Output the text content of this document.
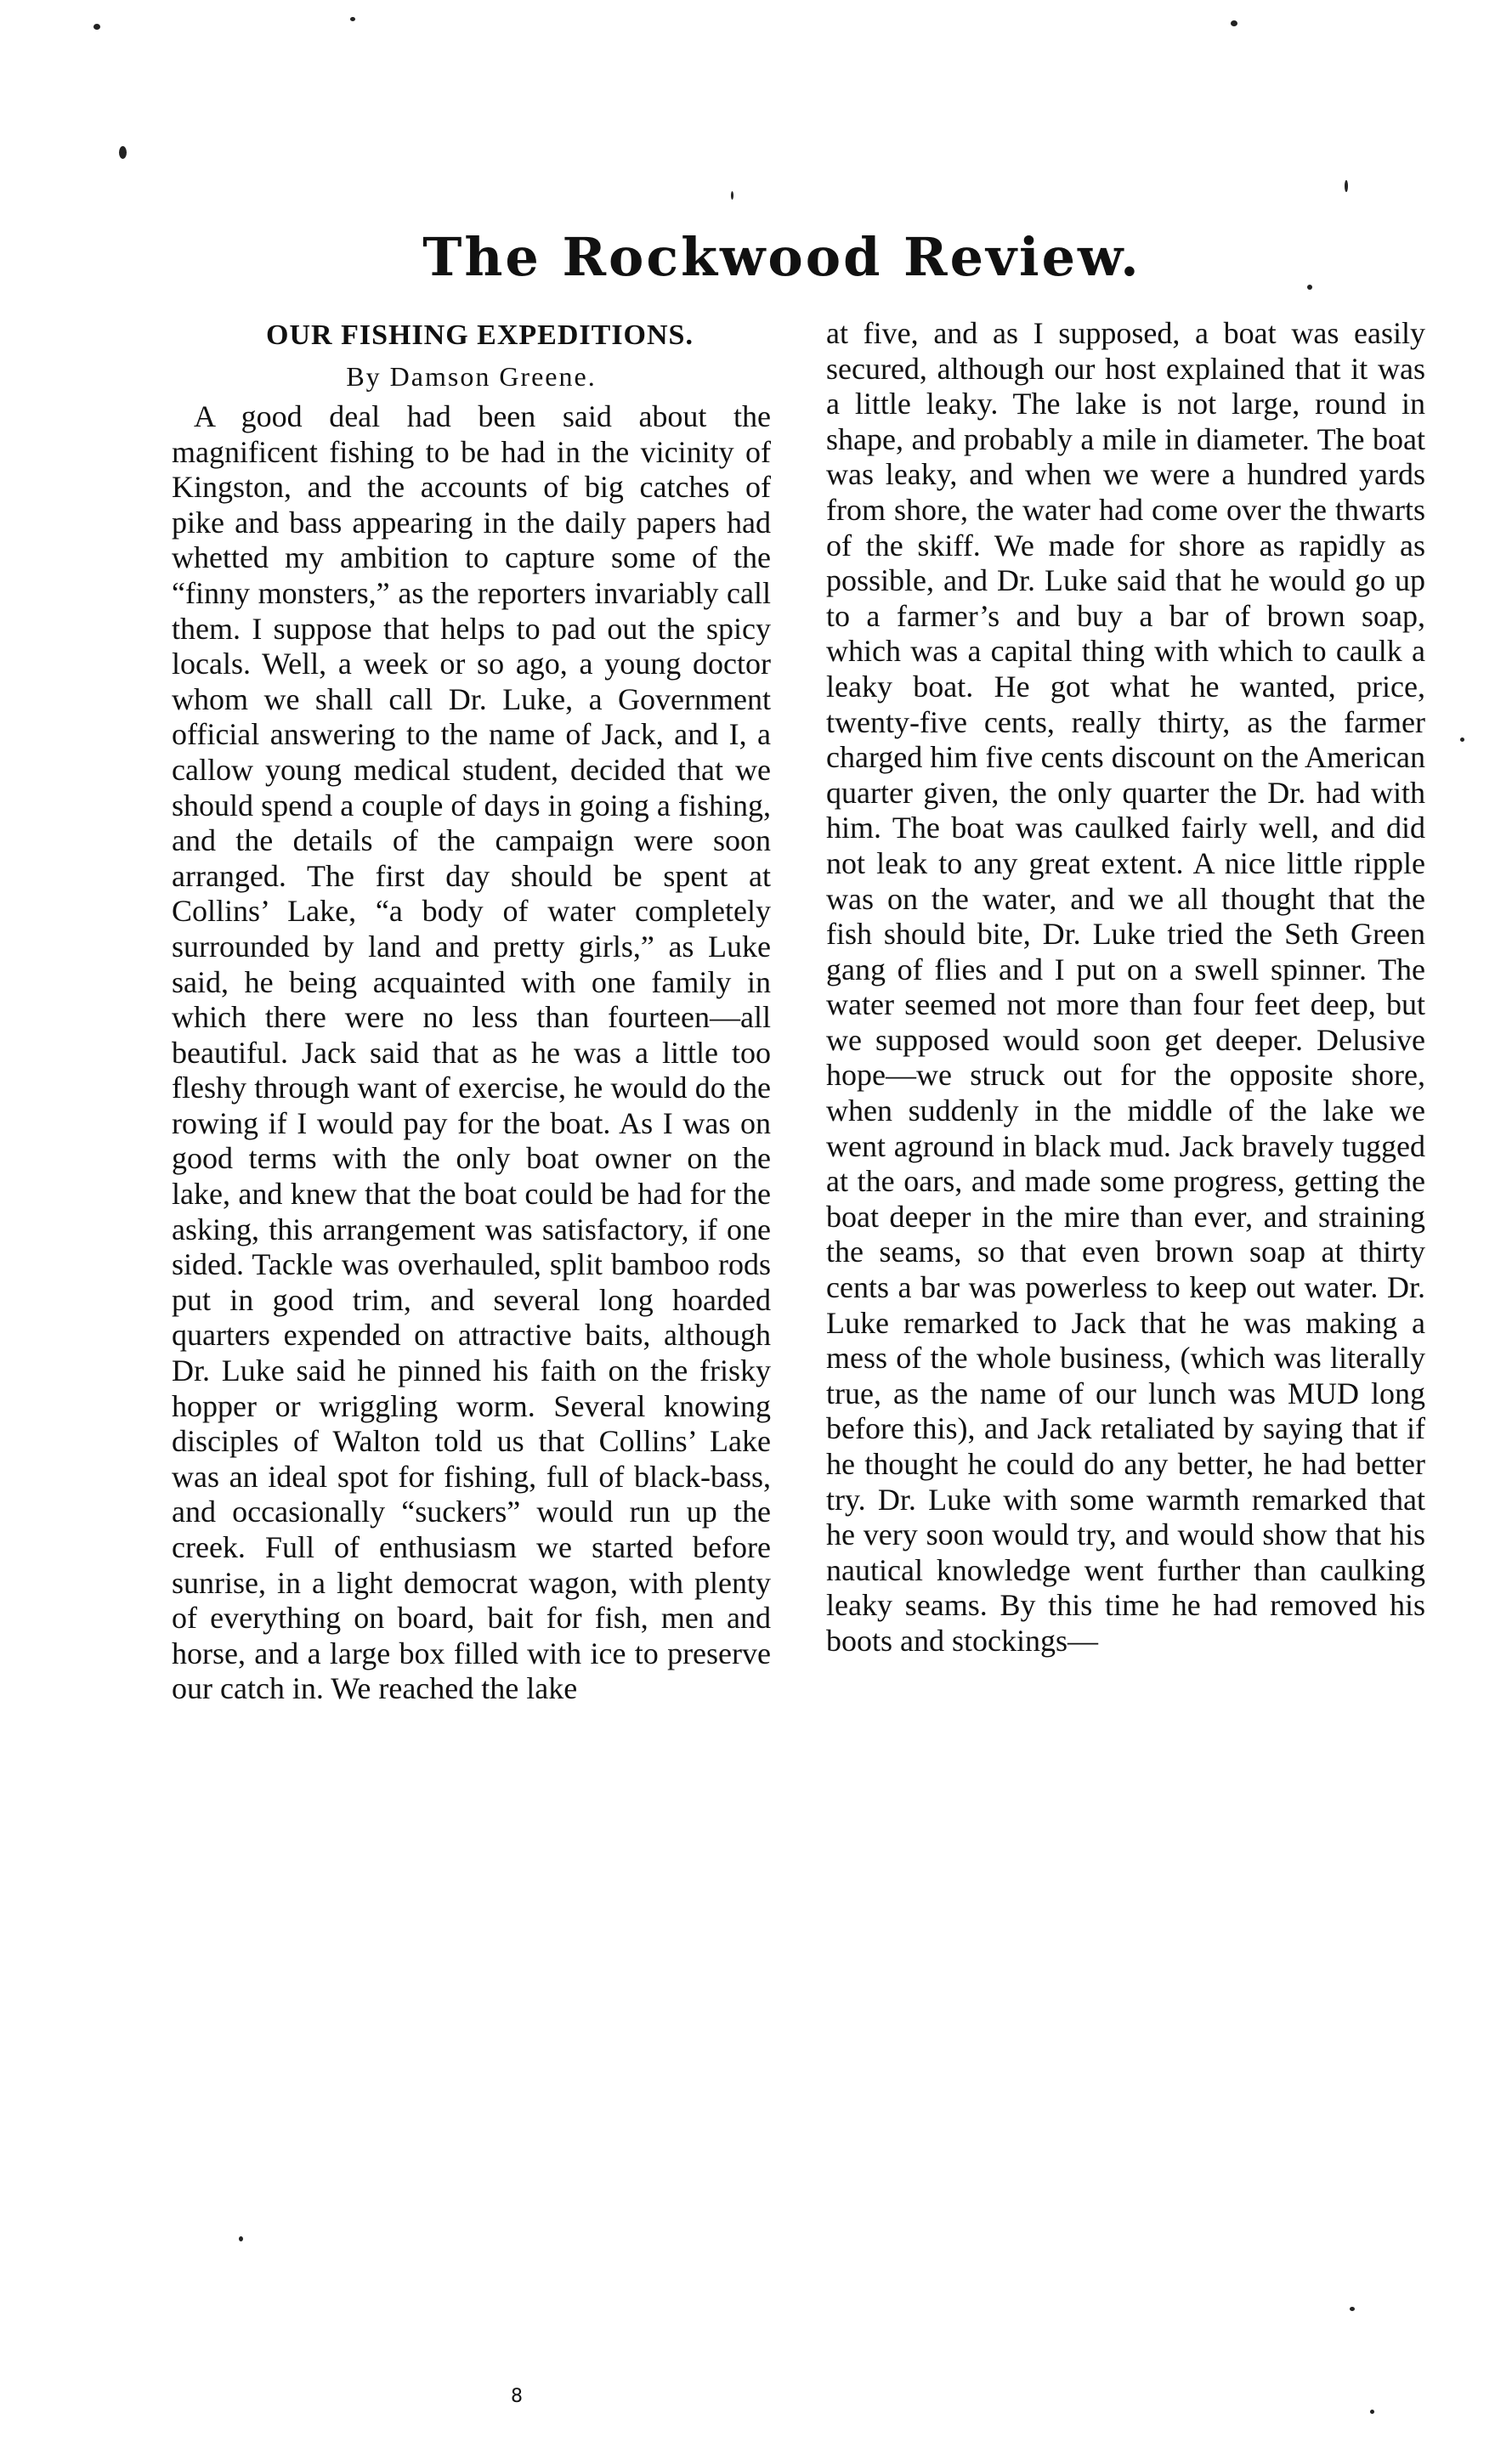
The Rockwood Review.
OUR FISHING EXPEDITIONS.

By Damson Greene.

A good deal had been said about the magnificent fishing to be had in the vicinity of Kingston, and the accounts of big catches of pike and bass appearing in the daily papers had whetted my ambition to capture some of the “finny monsters,” as the reporters invariably call them. I suppose that helps to pad out the spicy locals. Well, a week or so ago, a young doctor whom we shall call Dr. Luke, a Government official answering to the name of Jack, and I, a callow young medical student, decided that we should spend a couple of days in going a fishing, and the details of the campaign were soon arranged. The first day should be spent at Collins’ Lake, “a body of water completely surrounded by land and pretty girls,” as Luke said, he being acquainted with one family in which there were no less than fourteen—all beautiful. Jack said that as he was a little too fleshy through want of exercise, he would do the rowing if I would pay for the boat. As I was on good terms with the only boat owner on the lake, and knew that the boat could be had for the asking, this arrangement was satisfactory, if one sided. Tackle was overhauled, split bamboo rods put in good trim, and several long hoarded quarters expended on attractive baits, although Dr. Luke said he pinned his faith on the frisky hopper or wriggling worm. Several knowing disciples of Walton told us that Collins’ Lake was an ideal spot for fishing, full of black-bass, and occasionally “suckers” would run up the creek. Full of enthusiasm we started before sunrise, in a light democrat wagon, with plenty of everything on board, bait for fish, men and horse, and a large box filled with ice to preserve our catch in. We reached the lake

at five, and as I supposed, a boat was easily secured, although our host explained that it was a little leaky. The lake is not large, round in shape, and probably a mile in diameter. The boat was leaky, and when we were a hundred yards from shore, the water had come over the thwarts of the skiff. We made for shore as rapidly as possible, and Dr. Luke said that he would go up to a farmer’s and buy a bar of brown soap, which was a capital thing with which to caulk a leaky boat. He got what he wanted, price, twenty-five cents, really thirty, as the farmer charged him five cents discount on the American quarter given, the only quarter the Dr. had with him. The boat was caulked fairly well, and did not leak to any great extent. A nice little ripple was on the water, and we all thought that the fish should bite, Dr. Luke tried the Seth Green gang of flies and I put on a swell spinner. The water seemed not more than four feet deep, but we supposed would soon get deeper. Delusive hope—we struck out for the opposite shore, when suddenly in the middle of the lake we went aground in black mud. Jack bravely tugged at the oars, and made some progress, getting the boat deeper in the mire than ever, and straining the seams, so that even brown soap at thirty cents a bar was powerless to keep out water. Dr. Luke remarked to Jack that he was making a mess of the whole business, (which was literally true, as the name of our lunch was MUD long before this), and Jack retaliated by saying that if he thought he could do any better, he had better try. Dr. Luke with some warmth remarked that he very soon would try, and would show that his nautical knowledge went further than caulking leaky seams. By this time he had removed his boots and stockings—

8
